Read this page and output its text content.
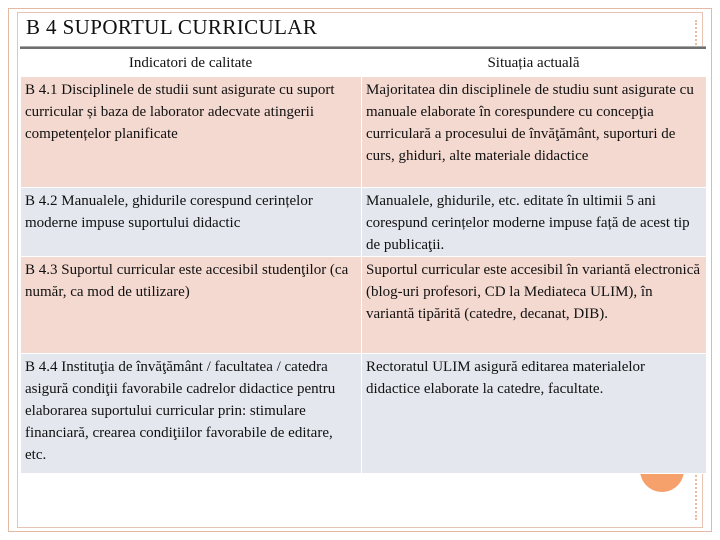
B 4 SUPORTUL CURRICULAR
Indicatori de calitate	Situația actuală
B 4.1 Disciplinele de studii sunt asigurate cu suport curricular și baza de laborator adecvate atingerii competențelor planificate	Majoritatea din disciplinele de studiu sunt asigurate cu manuale elaborate în corespundere cu concepţia curriculară a procesului de învăţământ, suporturi de curs, ghiduri, alte materiale didactice
B 4.2 Manualele, ghidurile corespund cerințelor moderne impuse suportului didactic	Manualele, ghidurile, etc. editate în ultimii 5 ani corespund cerințelor moderne impuse față de acest tip de publicaţii.
B 4.3 Suportul curricular este accesibil studenţilor (ca număr, ca mod de utilizare)	Suportul curricular este accesibil în variantă electronică (blog-uri profesori, CD la Mediateca ULIM), în variantă tipărită (catedre, decanat, DIB).
B 4.4 Instituţia de învăţământ / facultatea / catedra asigură condiţii favorabile cadrelor didactice pentru elaborarea suportului curricular prin: stimulare financiară, crearea condiţiilor favorabile de editare, etc.	Rectoratul ULIM asigură editarea materialelor didactice elaborate la catedre, facultate.
